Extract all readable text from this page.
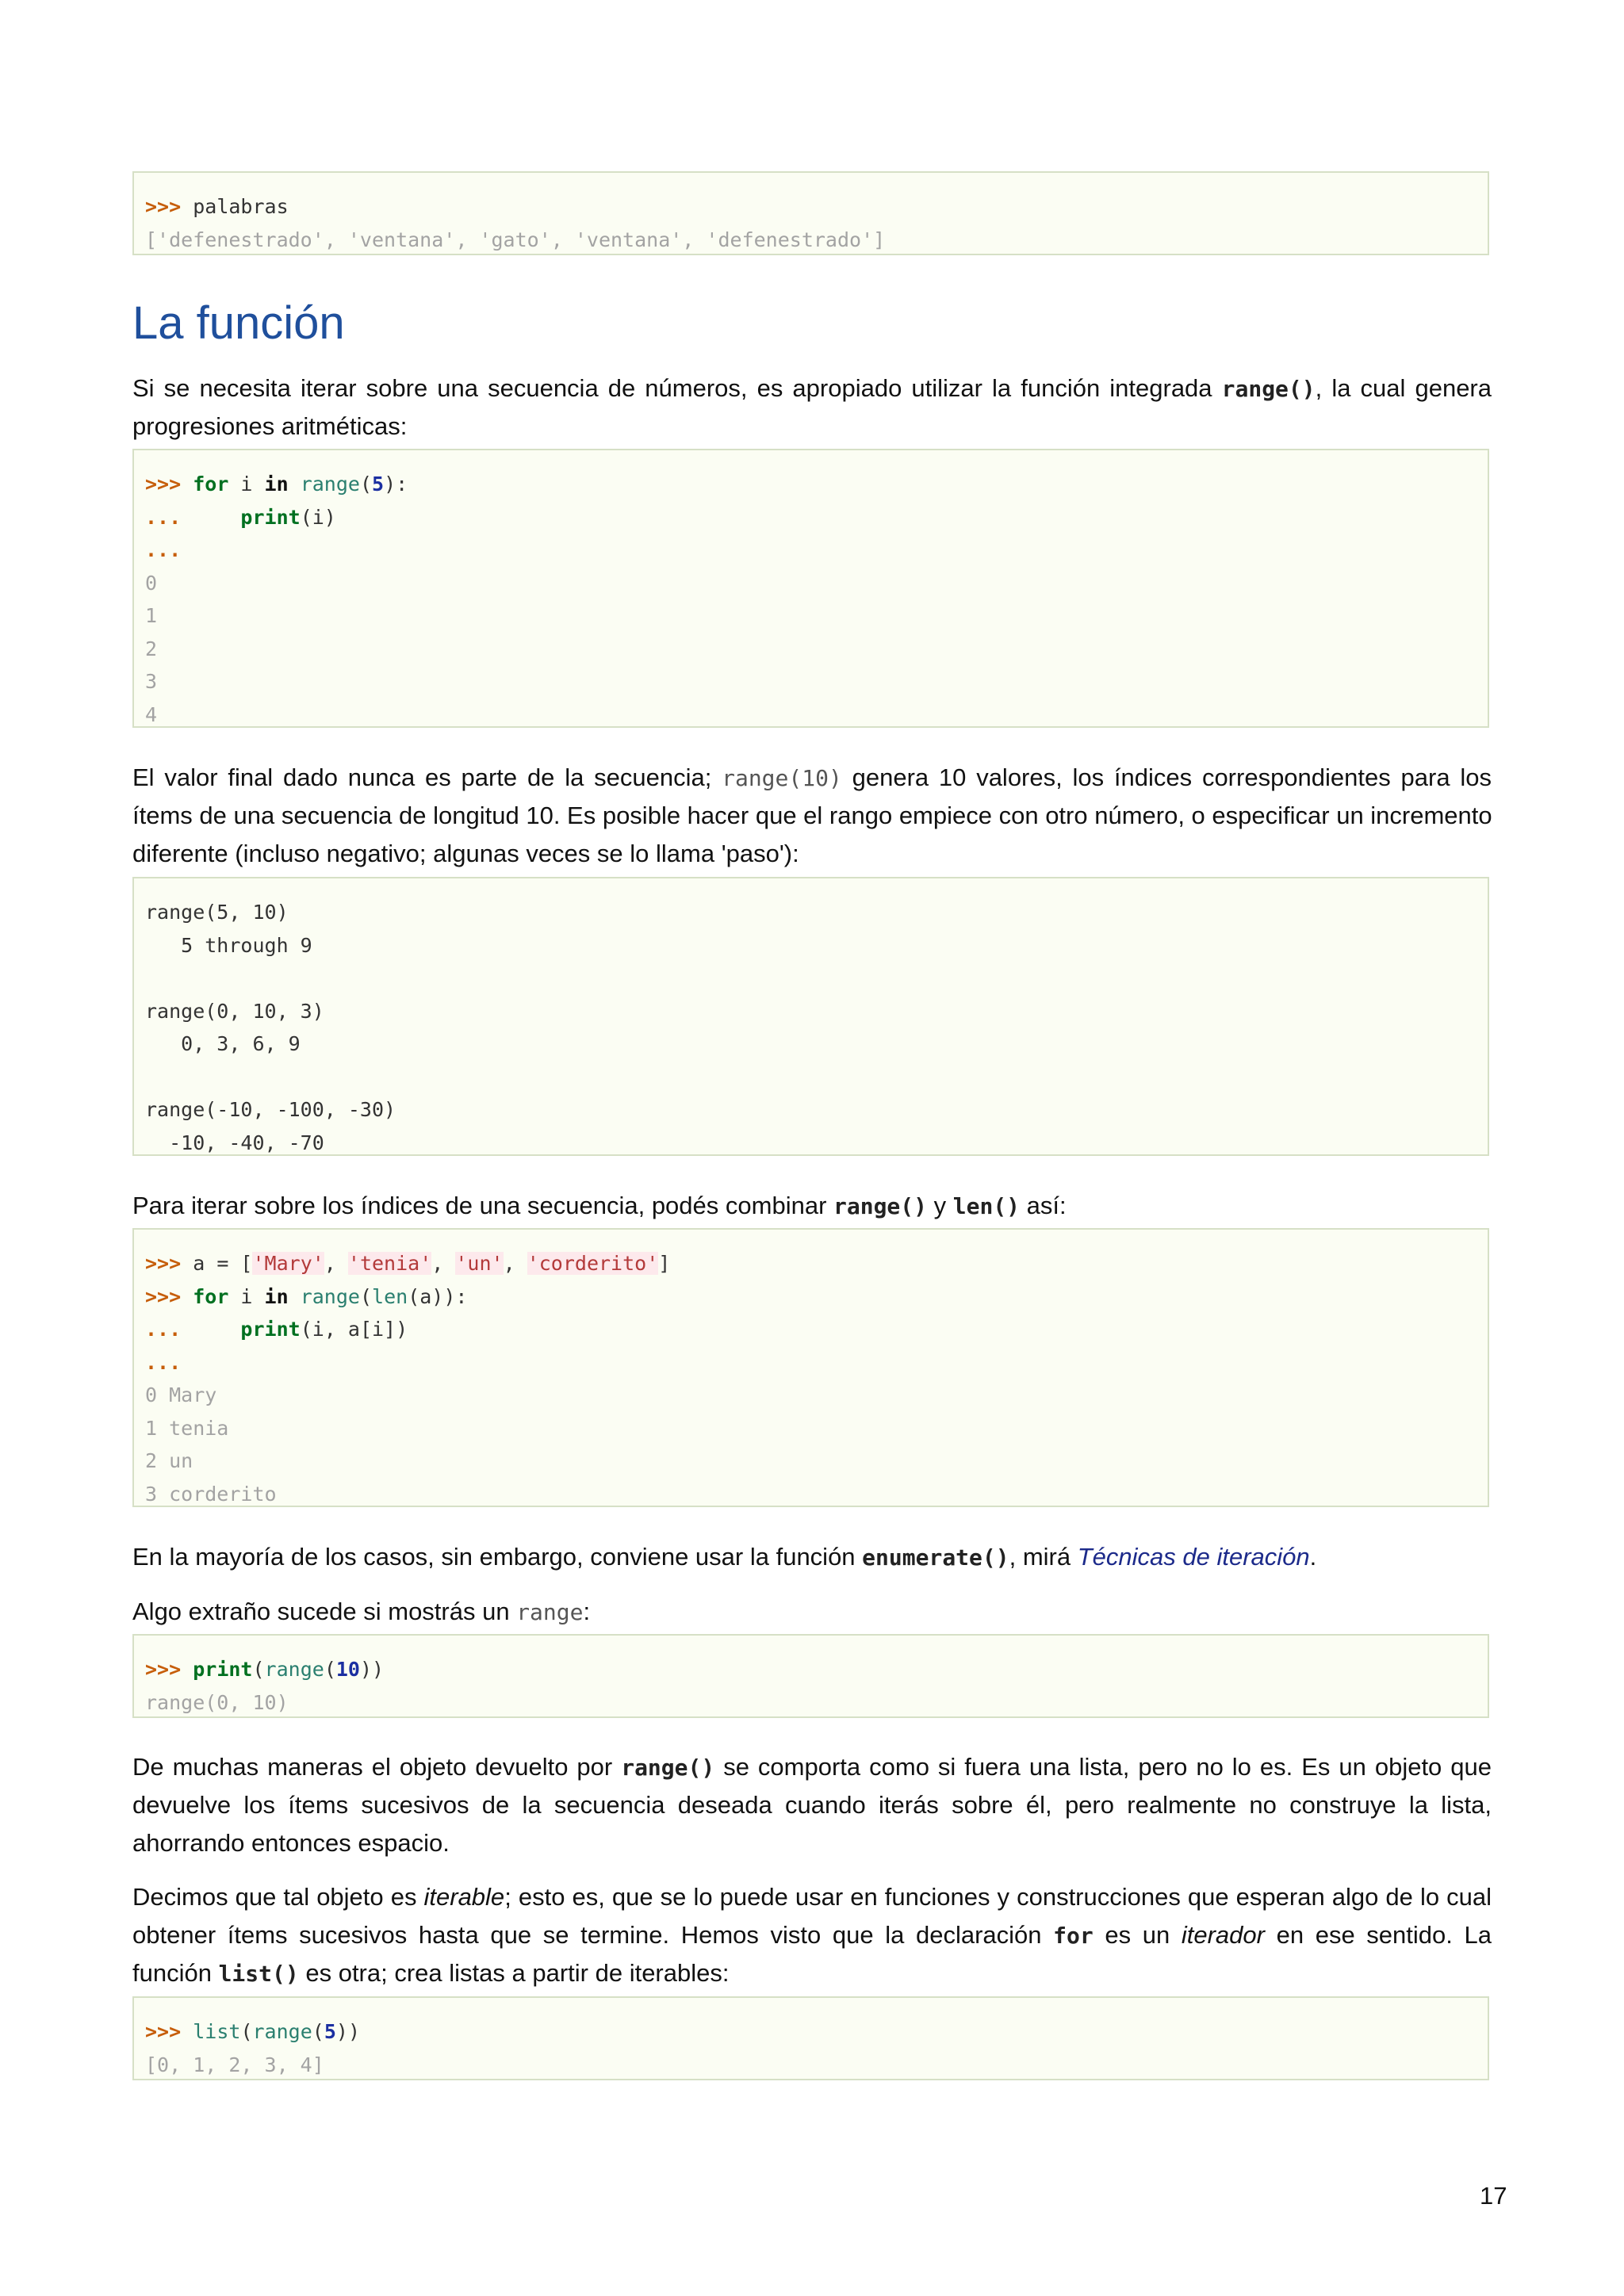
>>> palabras
['defenestrado', 'ventana', 'gato', 'ventana', 'defenestrado']
La función
Si se necesita iterar sobre una secuencia de números, es apropiado utilizar la función integrada range(), la cual genera
progresiones aritméticas:
>>> for i in range(5):
...     print(i)
...
0
1
2
3
4
El valor final dado nunca es parte de la secuencia; range(10) genera 10 valores, los índices correspondientes para los
ítems de una secuencia de longitud 10. Es posible hacer que el rango empiece con otro número, o especificar un incremento
diferente (incluso negativo; algunas veces se lo llama 'paso'):
range(5, 10)
5 through 9
range(0, 10, 3)
0, 3, 6, 9
range(-10, -100, -30)
-10, -40, -70
Para iterar sobre los índices de una secuencia, podés combinar range() y len() así:
>>> a = ['Mary', 'tenia', 'un', 'corderito']
>>> for i in range(len(a)):
...     print(i, a[i])
...
0 Mary
1 tenia
2 un
3 corderito
En la mayoría de los casos, sin embargo, conviene usar la función enumerate(), mirá Técnicas de iteración.
Algo extraño sucede si mostrás un range:
>>> print(range(10))
range(0, 10)
De muchas maneras el objeto devuelto por range() se comporta como si fuera una lista, pero no lo es. Es un objeto que
devuelve los ítems sucesivos de la secuencia deseada cuando iterás sobre él, pero realmente no construye la lista,
ahorrando entonces espacio.
Decimos que tal objeto es iterable; esto es, que se lo puede usar en funciones y construcciones que esperan algo de lo cual
obtener ítems sucesivos hasta que se termine. Hemos visto que la declaración for es un iterador en ese sentido. La
función list() es otra; crea listas a partir de iterables:
>>> list(range(5))
[0, 1, 2, 3, 4]
17
